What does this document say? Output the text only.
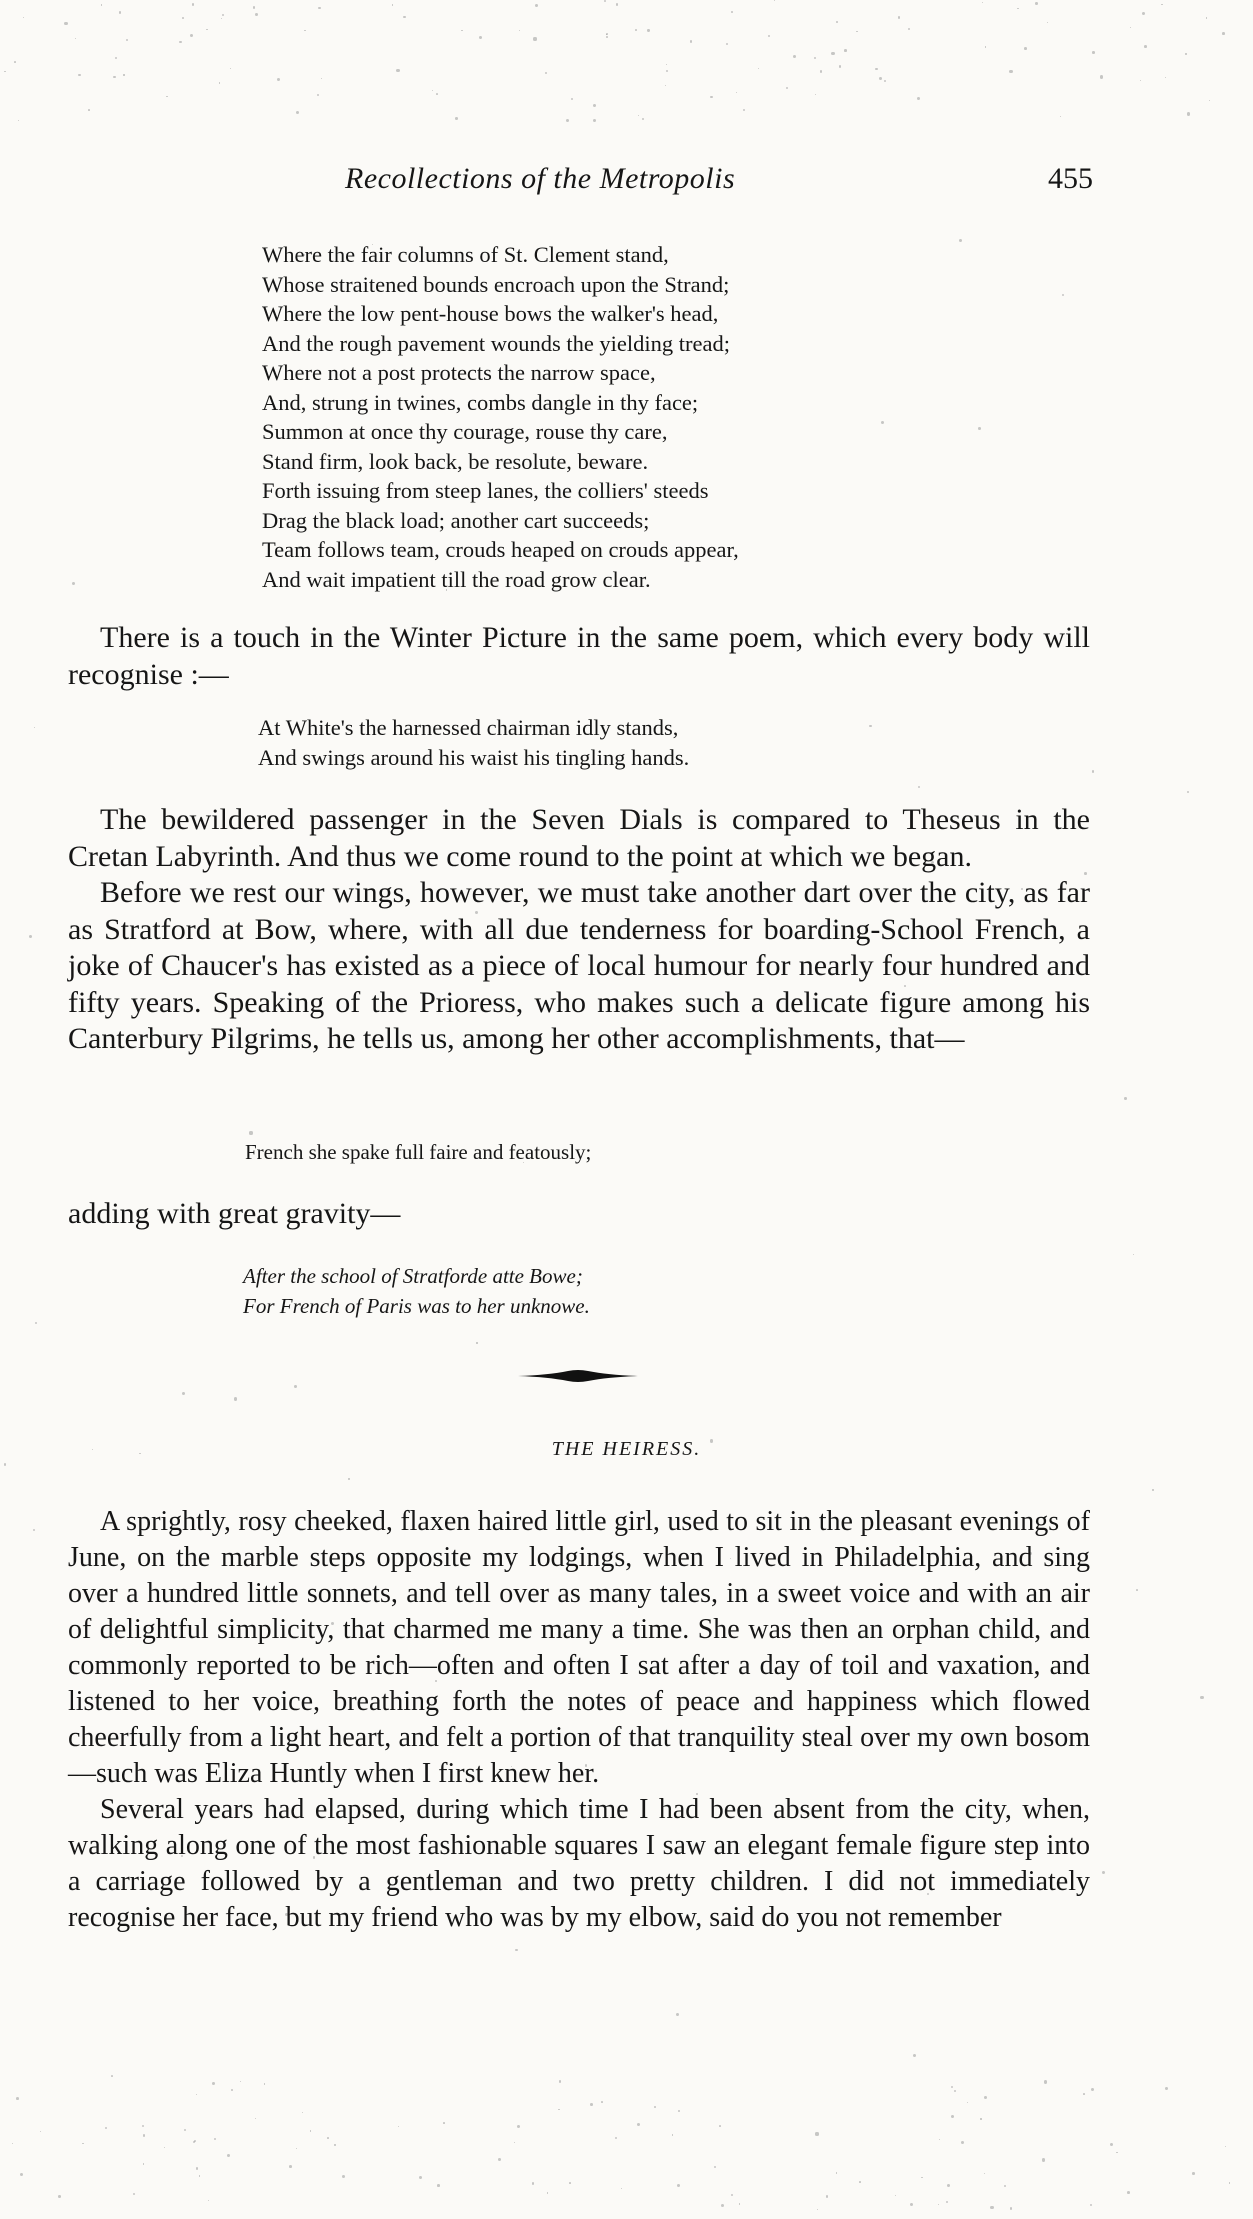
Recollections of the Metropolis	455
Where the fair columns of St. Clement stand,
Whose straitened bounds encroach upon the Strand;
Where the low pent-house bows the walker's head,
And the rough pavement wounds the yielding tread;
Where not a post protects the narrow space,
And, strung in twines, combs dangle in thy face;
Summon at once thy courage, rouse thy care,
Stand firm, look back, be resolute, beware.
Forth issuing from steep lanes, the colliers' steeds
Drag the black load; another cart succeeds;
Team follows team, crouds heaped on crouds appear,
And wait impatient till the road grow clear.

There is a touch in the Winter Picture in the same poem, which every body will recognise :—

At White's the harnessed chairman idly stands,
And swings around his waist his tingling hands.

The bewildered passenger in the Seven Dials is compared to Theseus in the Cretan Labyrinth. And thus we come round to the point at which we began.

Before we rest our wings, however, we must take another dart over the city, as far as Stratford at Bow, where, with all due tenderness for boarding-School French, a joke of Chaucer's has existed as a piece of local humour for nearly four hundred and fifty years. Speaking of the Prioress, who makes such a delicate figure among his Canterbury Pilgrims, he tells us, among her other accomplishments, that—

French she spake full faire and featously;

adding with great gravity—

After the school of Stratforde atte Bowe;
For French of Paris was to her unknowe.
THE HEIRESS.

A sprightly, rosy cheeked, flaxen haired little girl, used to sit in the pleasant evenings of June, on the marble steps opposite my lodgings, when I lived in Philadelphia, and sing over a hundred little sonnets, and tell over as many tales, in a sweet voice and with an air of delightful simplicity, that charmed me many a time. She was then an orphan child, and commonly reported to be rich—often and often I sat after a day of toil and vaxation, and listened to her voice, breathing forth the notes of peace and happiness which flowed cheerfully from a light heart, and felt a portion of that tranquility steal over my own bosom—such was Eliza Huntly when I first knew her.

Several years had elapsed, during which time I had been absent from the city, when, walking along one of the most fashionable squares I saw an elegant female figure step into a carriage followed by a gentleman and two pretty children. I did not immediately recognise her face, but my friend who was by my elbow, said do you not remember
